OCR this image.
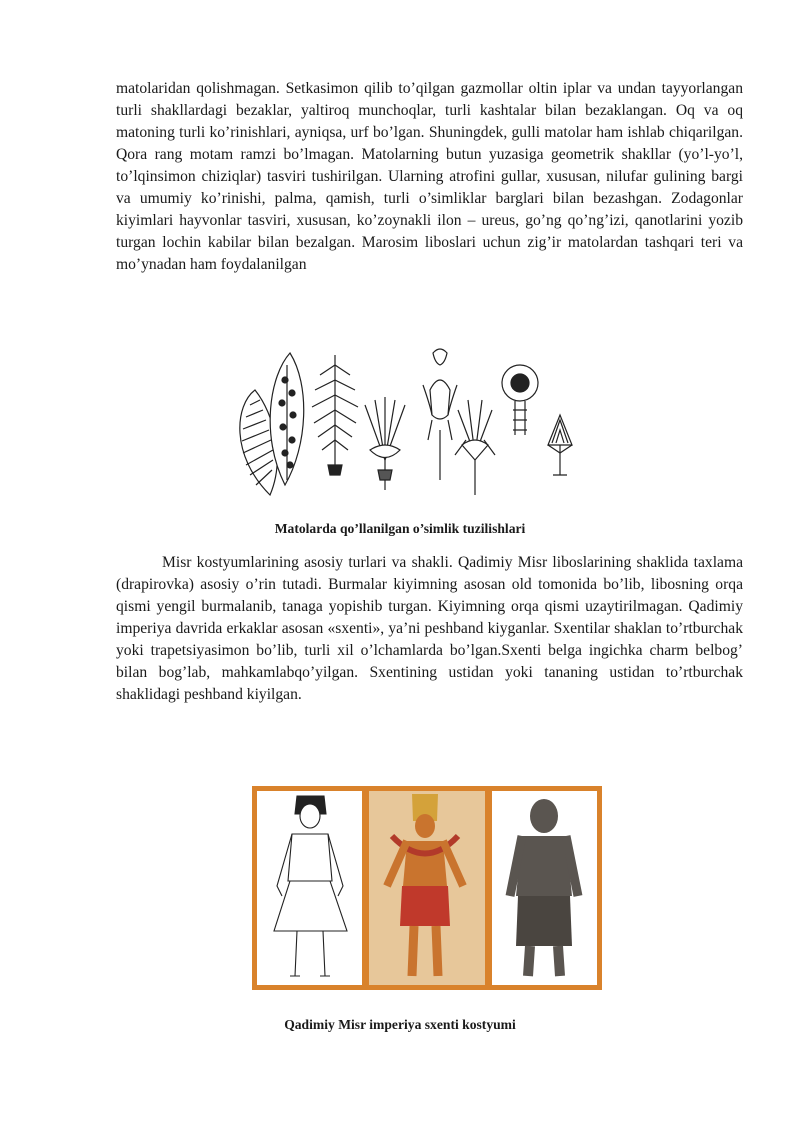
matolaridan qolishmagan. Setkasimon qilib to’qilgan gazmollar oltin iplar va undan tayyorlangan turli shakllardagi bezaklar, yaltiroq munchoqlar, turli kashtalar bilan bezaklangan. Oq va oq matoning turli ko’rinishlari, ayniqsa, urf bo’lgan. Shuningdek, gulli matolar ham ishlab chiqarilgan. Qora rang motam ramzi bo’lmagan. Matolarning butun yuzasiga geometrik shakllar (yo’l-yo’l, to’lqinsimon chiziqlar) tasviri tushirilgan. Ularning atrofini gullar, xususan, nilufar gulining bargi va umumiy ko’rinishi, palma, qamish, turli o’simliklar barglari bilan bezashgan. Zodagonlar kiyimlari hayvonlar tasviri, xususan, ko’zoynakli ilon – ureus, go’ng qo’ng’izi, qanotlarini yozib turgan lochin kabilar bilan bezalgan. Marosim liboslari uchun zig’ir matolardan tashqari teri va mo’ynadan ham foydalanilgan

Matolarda qo’llanilgan o’simlik tuzilishlari

Misr kostyumlarining asosiy turlari va shakli. Qadimiy Misr liboslarining shaklida taxlama (drapirovka) asosiy o’rin tutadi. Burmalar kiyimning asosan old tomonida bo’lib, libosning orqa qismi yengil burmalanib, tanaga yopishib turgan. Kiyimning orqa qismi uzaytirilmagan. Qadimiy imperiya davrida erkaklar asosan «sxenti», ya’ni peshband kiyganlar. Sxentilar shaklan to’rtburchak yoki trapetsiyasimon bo’lib, turli xil o’lchamlarda bo’lgan.Sxenti belga ingichka charm belbog’ bilan bog’lab, mahkamlabqo’yilgan. Sxentining ustidan yoki tananing ustidan to’rtburchak shaklidagi peshband kiyilgan.

Qadimiy Misr imperiya sxenti kostyumi
